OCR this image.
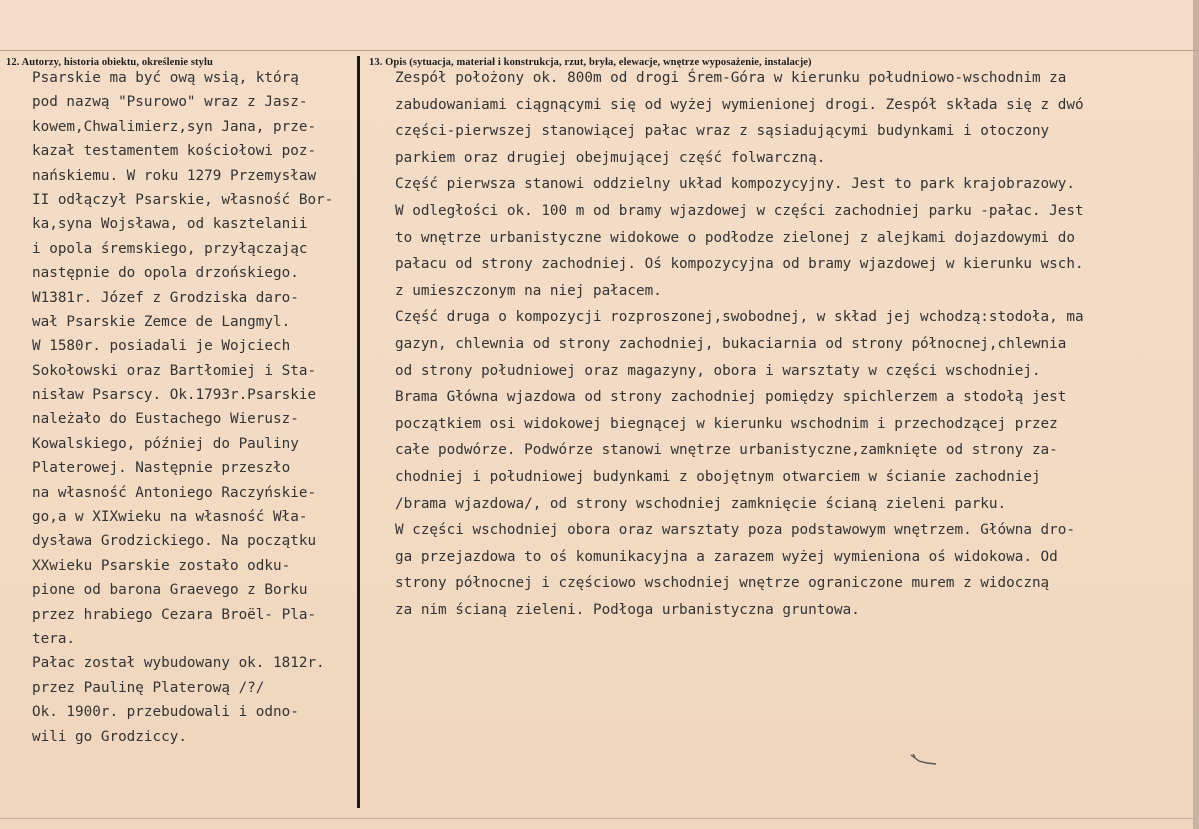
12. Autorzy, historia obiektu, określenie stylu	13. Opis (sytuacja, materiał i konstrukcja, rzut, bryła, elewacje, wnętrze wyposażenie, instalacje)
Psarskie ma być ową wsią, którą
pod nazwą "Psurowo" wraz z Jasz-
kowem,Chwalimierz,syn Jana, prze-
kazał testamentem kościołowi poz-
nańskiemu. W roku 1279 Przemysław
II odłączył Psarskie, własność Bor-
ka,syna Wojsława, od kasztelanii
i opola śremskiego, przyłączając
następnie do opola drzońskiego.
W1381r. Józef z Grodziska daro-
wał Psarskie Zemce de Langmyl.
W 1580r. posiadali je Wojciech
Sokołowski oraz Bartłomiej i Sta-
nisław Psarscy. Ok.1793r.Psarskie
należało do Eustachego Wierusz-
Kowalskiego, później do Pauliny
Platerowej. Następnie przeszło
na własność Antoniego Raczyńskie-
go,a w XIXwieku na własność Wła-
dysława Grodzickiego. Na początku
XXwieku Psarskie zostało odku-
pione od barona Graevego z Borku
przez hrabiego Cezara Broël- Pla-
tera.
Pałac został wybudowany ok. 1812r.
przez Paulinę Platerową /?/
Ok. 1900r. przebudowali i odno-
wili go Grodziccy.
Zespół położony ok. 800m od drogi Śrem-Góra w kierunku południowo-wschodnim za
zabudowaniami ciągnącymi się od wyżej wymienionej drogi. Zespół składa się z dwó
części-pierwszej stanowiącej pałac wraz z sąsiadującymi budynkami i otoczony
parkiem oraz drugiej obejmującej część folwarczną.
Część pierwsza stanowi oddzielny układ kompozycyjny. Jest to park krajobrazowy.
W odległości ok. 100 m od bramy wjazdowej w części zachodniej parku -pałac. Jest
to wnętrze urbanistyczne widokowe o podłodze zielonej z alejkami dojazdowymi do
pałacu od strony zachodniej. Oś kompozycyjna od bramy wjazdowej w kierunku wsch.
z umieszczonym na niej pałacem.
Część druga o kompozycji rozproszonej,swobodnej, w skład jej wchodzą:stodoła, ma
gazyn, chlewnia od strony zachodniej, bukaciarnia od strony północnej,chlewnia
od strony południowej oraz magazyny, obora i warsztaty w części wschodniej.
Brama Główna wjazdowa od strony zachodniej pomiędzy spichlerzem a stodołą jest
początkiem osi widokowej biegnącej w kierunku wschodnim i przechodzącej przez
całe podwórze. Podwórze stanowi wnętrze urbanistyczne,zamknięte od strony za-
chodniej i południowej budynkami z obojętnym otwarciem w ścianie zachodniej
/brama wjazdowa/, od strony wschodniej zamknięcie ścianą zieleni parku.
W części wschodniej obora oraz warsztaty poza podstawowym wnętrzem. Główna dro-
ga przejazdowa to oś komunikacyjna a zarazem wyżej wymieniona oś widokowa. Od
strony północnej i częściowo wschodniej wnętrze ograniczone murem z widoczną
za nim ścianą zieleni. Podłoga urbanistyczna gruntowa.
